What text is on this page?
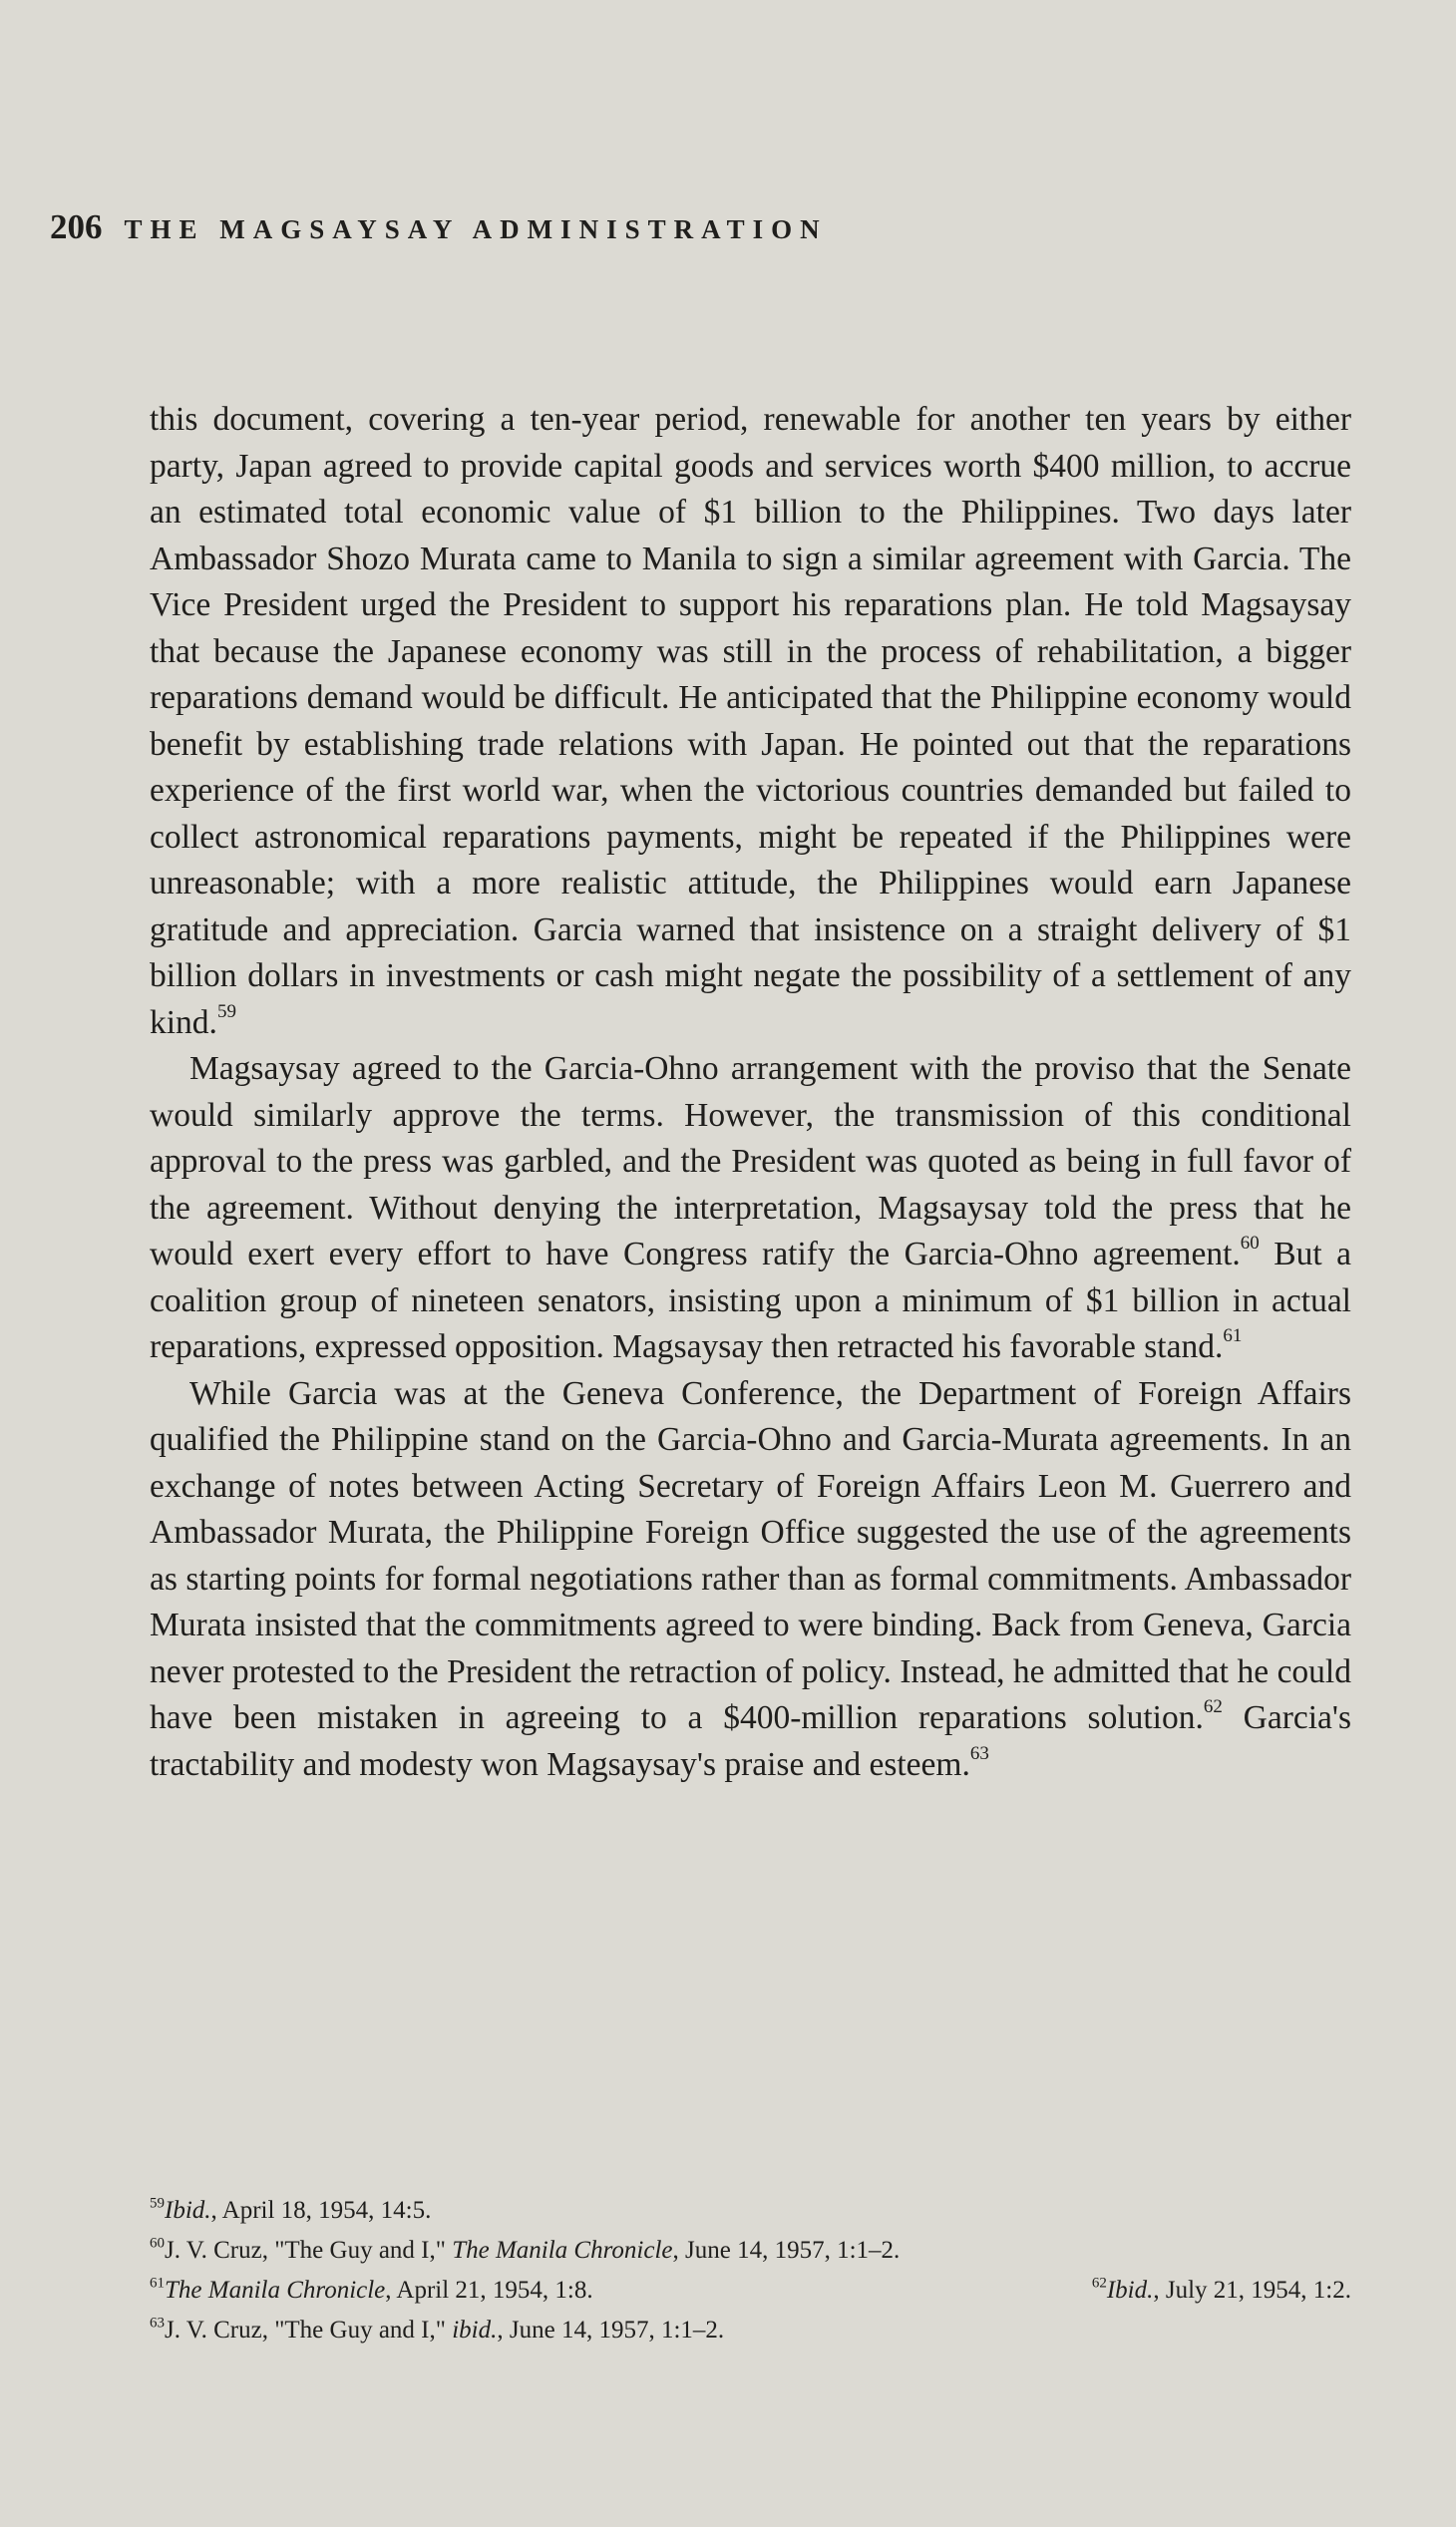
206 THE MAGSAYSAY ADMINISTRATION

this document, covering a ten-year period, renewable for another ten years by either party, Japan agreed to provide capital goods and services worth $400 million, to accrue an estimated total economic value of $1 billion to the Philippines. Two days later Ambassador Shozo Murata came to Manila to sign a similar agreement with Garcia. The Vice President urged the President to support his reparations plan. He told Magsaysay that because the Japanese economy was still in the process of rehabilitation, a bigger reparations demand would be difficult. He anticipated that the Philippine economy would benefit by establishing trade relations with Japan. He pointed out that the reparations experience of the first world war, when the victorious countries demanded but failed to collect astronomical reparations payments, might be repeated if the Philippines were unreasonable; with a more realistic attitude, the Philippines would earn Japanese gratitude and appreciation. Garcia warned that insistence on a straight delivery of $1 billion dollars in investments or cash might negate the possibility of a settlement of any kind.$^{59}$

Magsaysay agreed to the Garcia-Ohno arrangement with the proviso that the Senate would similarly approve the terms. However, the transmission of this conditional approval to the press was garbled, and the President was quoted as being in full favor of the agreement. Without denying the interpretation, Magsaysay told the press that he would exert every effort to have Congress ratify the Garcia-Ohno agreement.$^{60}$ But a coalition group of nineteen senators, insisting upon a minimum of $1 billion in actual reparations, expressed opposition. Magsaysay then retracted his favorable stand.$^{61}$

While Garcia was at the Geneva Conference, the Department of Foreign Affairs qualified the Philippine stand on the Garcia-Ohno and Garcia-Murata agreements. In an exchange of notes between Acting Secretary of Foreign Affairs Leon M. Guerrero and Ambassador Murata, the Philippine Foreign Office suggested the use of the agreements as starting points for formal negotiations rather than as formal commitments. Ambassador Murata insisted that the commitments agreed to were binding. Back from Geneva, Garcia never protested to the President the retraction of policy. Instead, he admitted that he could have been mistaken in agreeing to a $400-million reparations solution.$^{62}$ Garcia's tractability and modesty won Magsaysay's praise and esteem.$^{63}$

$^{59}$Ibid., April 18, 1954, 14:5.
$^{60}$J. V. Cruz, "The Guy and I," The Manila Chronicle, June 14, 1957, 1:1–2.
$^{61}$The Manila Chronicle, April 21, 1954, 1:8.	$^{62}$Ibid., July 21, 1954, 1:2.
$^{63}$J. V. Cruz, "The Guy and I," ibid., June 14, 1957, 1:1–2.
